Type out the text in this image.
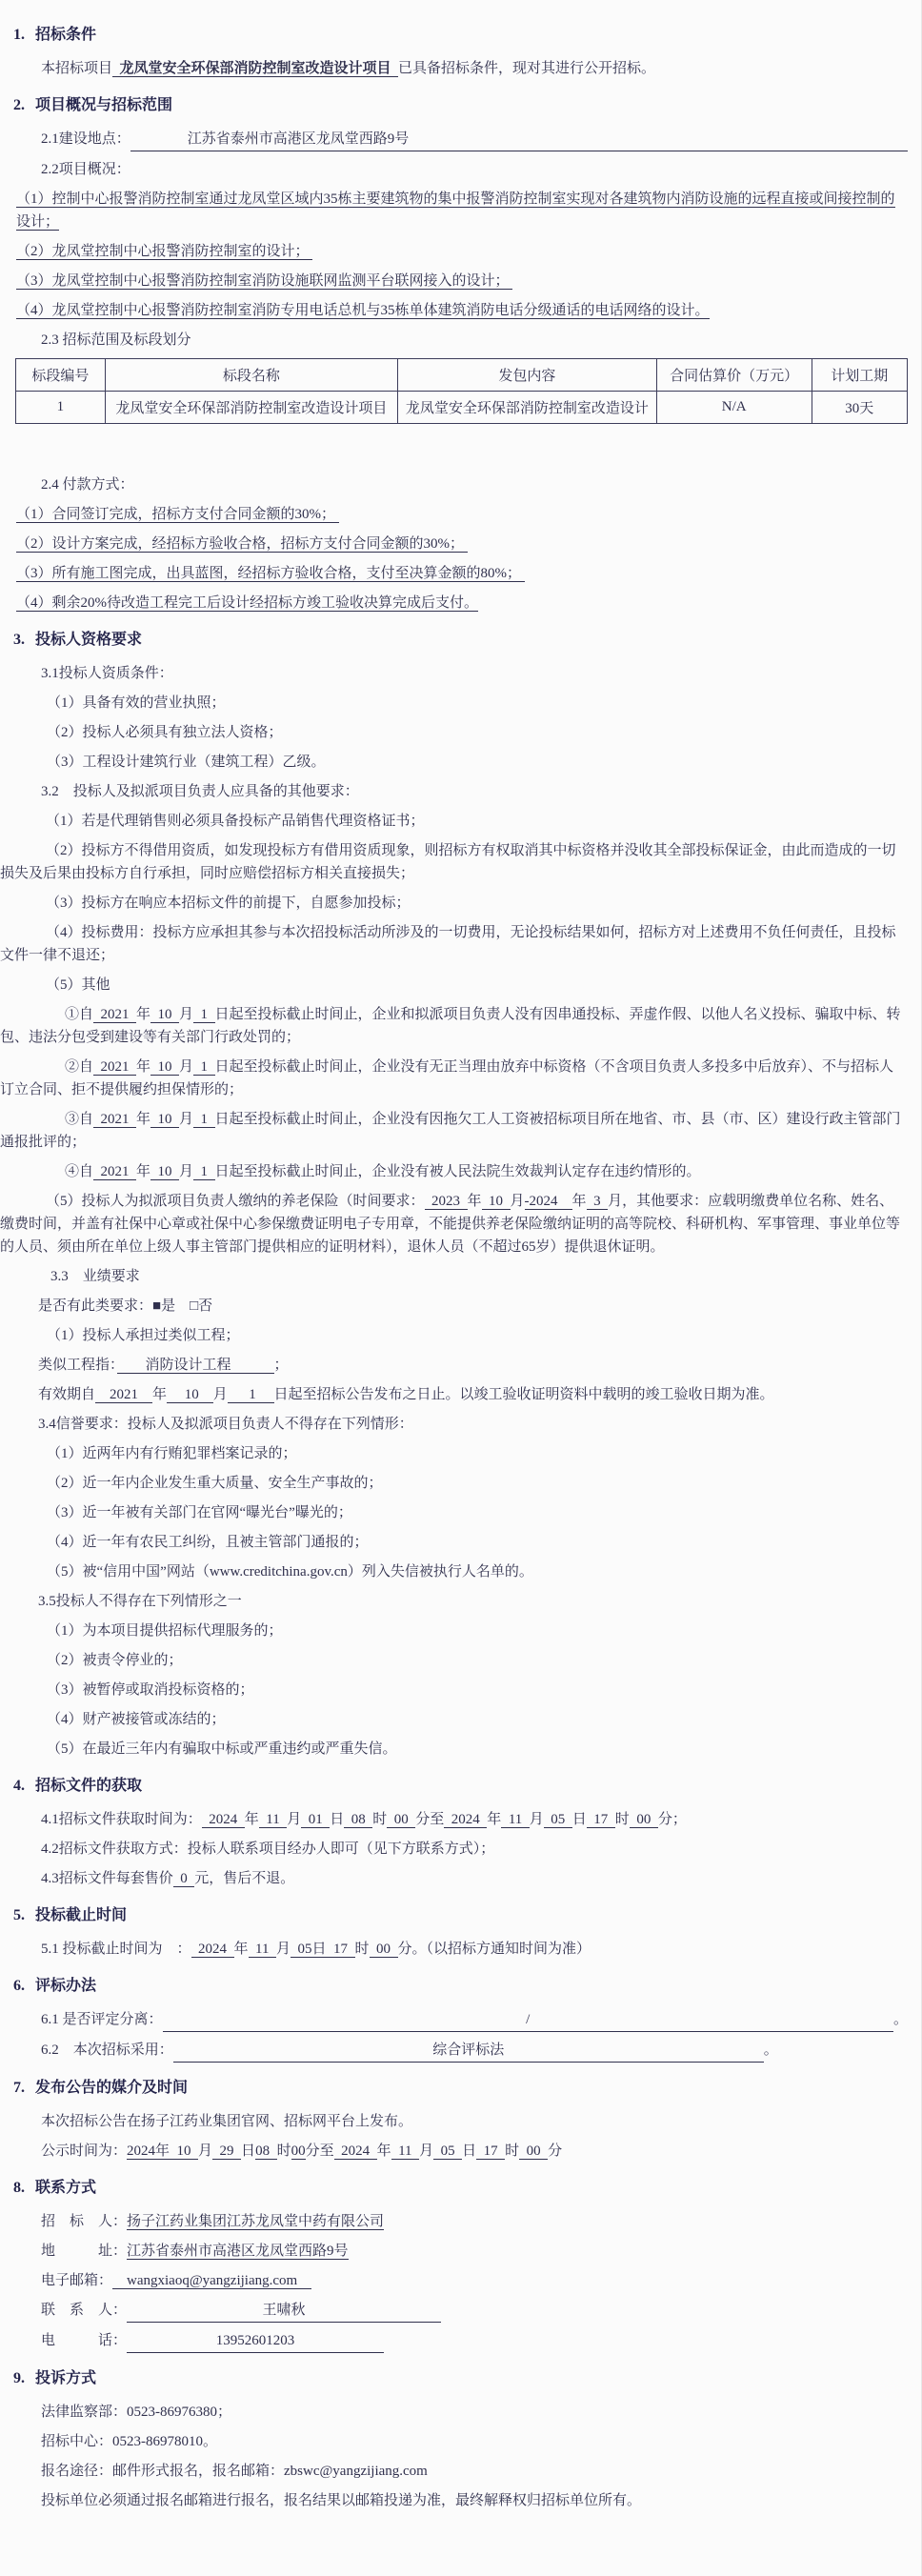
1. 招标条件
本招标项目  龙凤堂安全环保部消防控制室改造设计项目  已具备招标条件，现对其进行公开招标。
2. 项目概况与招标范围
2.1建设地点：	江苏省泰州市高港区龙凤堂西路9号
2.2项目概况：
（1）控制中心报警消防控制室通过龙凤堂区域内35栋主要建筑物的集中报警消防控制室实现对各建筑物内消防设施的远程直接或间接控制的设计；
（2）龙凤堂控制中心报警消防控制室的设计；
（3）龙凤堂控制中心报警消防控制室消防设施联网监测平台联网接入的设计；
（4）龙凤堂控制中心报警消防控制室消防专用电话总机与35栋单体建筑消防电话分级通话的电话网络的设计。
2.3 招标范围及标段划分
标段编号	标段名称	发包内容	合同估算价（万元）	计划工期
1	龙凤堂安全环保部消防控制室改造设计项目	龙凤堂安全环保部消防控制室改造设计	N/A	30天
2.4 付款方式：
（1）合同签订完成，招标方支付合同金额的30%；
（2）设计方案完成，经招标方验收合格，招标方支付合同金额的30%；
（3）所有施工图完成，出具蓝图，经招标方验收合格，支付至决算金额的80%；
（4）剩余20%待改造工程完工后设计经招标方竣工验收决算完成后支付。
3. 投标人资格要求
3.1投标人资质条件：
（1）具备有效的营业执照；
（2）投标人必须具有独立法人资格；
（3）工程设计建筑行业（建筑工程）乙级。
3.2　投标人及拟派项目负责人应具备的其他要求：
（1）若是代理销售则必须具备投标产品销售代理资格证书；
（2）投标方不得借用资质，如发现投标方有借用资质现象，则招标方有权取消其中标资格并没收其全部投标保证金，由此而造成的一切损失及后果由投标方自行承担，同时应赔偿招标方相关直接损失；
（3）投标方在响应本招标文件的前提下，自愿参加投标；
（4）投标费用：投标方应承担其参与本次招投标活动所涉及的一切费用，无论投标结果如何，招标方对上述费用不负任何责任，且投标文件一律不退还；
（5）其他
①自  2021  年  10  月  1  日起至投标截止时间止，企业和拟派项目负责人没有因串通投标、弄虚作假、以他人名义投标、骗取中标、转包、违法分包受到建设等有关部门行政处罚的；
②自  2021  年  10  月  1  日起至投标截止时间止，企业没有无正当理由放弃中标资格（不含项目负责人多投多中后放弃）、不与招标人订立合同、拒不提供履约担保情形的；
③自  2021  年  10  月  1  日起至投标截止时间止，企业没有因拖欠工人工资被招标项目所在地省、市、县（市、区）建设行政主管部门通报批评的；
④自  2021  年  10  月  1  日起至投标截止时间止，企业没有被人民法院生效裁判认定存在违约情形的。
（5）投标人为拟派项目负责人缴纳的养老保险（时间要求：  2023  年  10  月-2024    年  3  月，其他要求：应载明缴费单位名称、姓名、缴费时间，并盖有社保中心章或社保中心参保缴费证明电子专用章，不能提供养老保险缴纳证明的高等院校、科研机构、军事管理、事业单位等的人员、须由所在单位上级人事主管部门提供相应的证明材料），退休人员（不超过65岁）提供退休证明。
3.3　业绩要求
是否有此类要求：■是　□否
（1）投标人承担过类似工程；
类似工程指：　　消防设计工程　　　；
有效期自    2021    年     10    月      1     日起至招标公告发布之日止。以竣工验收证明资料中载明的竣工验收日期为准。
3.4信誉要求：投标人及拟派项目负责人不得存在下列情形：
（1）近两年内有行贿犯罪档案记录的；
（2）近一年内企业发生重大质量、安全生产事故的；
（3）近一年被有关部门在官网“曝光台”曝光的；
（4）近一年有农民工纠纷，且被主管部门通报的；
（5）被“信用中国”网站（www.creditchina.gov.cn）列入失信被执行人名单的。
3.5投标人不得存在下列情形之一
（1）为本项目提供招标代理服务的；
（2）被责令停业的；
（3）被暂停或取消投标资格的；
（4）财产被接管或冻结的；
（5）在最近三年内有骗取中标或严重违约或严重失信。
4. 招标文件的获取
4.1招标文件获取时间为：  2024  年  11  月  01  日  08  时  00  分至  2024  年  11  月  05  日  17  时  00  分；
4.2招标文件获取方式：投标人联系项目经办人即可（见下方联系方式）；
4.3招标文件每套售价  0  元，售后不退。
5. 投标截止时间
5.1 投标截止时间为　：  2024  年  11  月  05日  17  时  00  分。（以招标方通知时间为准）
6. 评标办法
6.1 是否评定分离：	/	。
6.2　本次招标采用：	综合评标法	。
7. 发布公告的媒介及时间
本次招标公告在扬子江药业集团官网、招标网平台上发布。
公示时间为：2024年  10  月  29  日08  时00分至  2024  年  11  月  05  日  17  时  00  分
8. 联系方式
招　标　人：扬子江药业集团江苏龙凤堂中药有限公司
地　　　址：江苏省泰州市高港区龙凤堂西路9号
电子邮箱：    wangxiaoq@yangzijiang.com
联　系　人：	王啸秋
电　　　话：	13952601203
9. 投诉方式
法律监察部：0523-86976380；
招标中心：0523-86978010。
报名途径：邮件形式报名，报名邮箱：zbswc@yangzijiang.com
投标单位必须通过报名邮箱进行报名，报名结果以邮箱投递为准，最终解释权归招标单位所有。
